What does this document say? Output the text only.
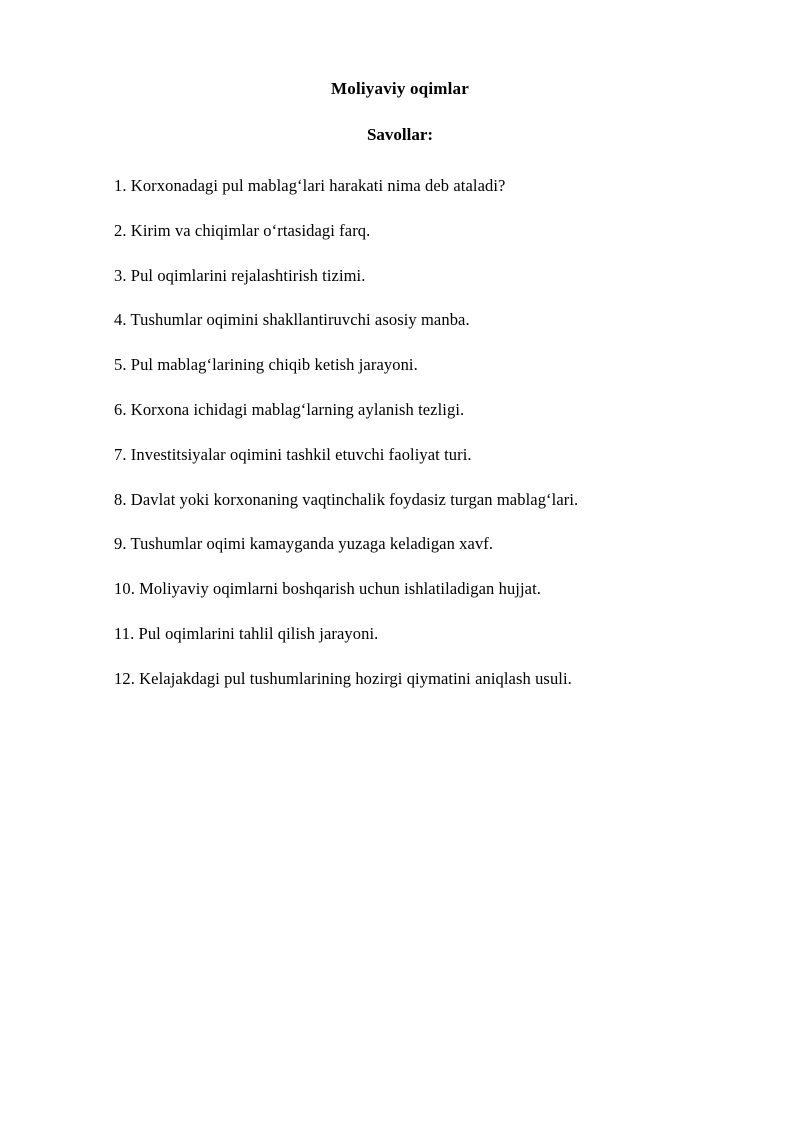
Moliyaviy oqimlar
Savollar:
1. Korxonadagi pul mablag‘lari harakati nima deb ataladi?
2. Kirim va chiqimlar o‘rtasidagi farq.
3. Pul oqimlarini rejalashtirish tizimi.
4. Tushumlar oqimini shakllantiruvchi asosiy manba.
5. Pul mablag‘larining chiqib ketish jarayoni.
6. Korxona ichidagi mablag‘larning aylanish tezligi.
7. Investitsiyalar oqimini tashkil etuvchi faoliyat turi.
8. Davlat yoki korxonaning vaqtinchalik foydasiz turgan mablag‘lari.
9. Tushumlar oqimi kamayganda yuzaga keladigan xavf.
10. Moliyaviy oqimlarni boshqarish uchun ishlatiladigan hujjat.
11. Pul oqimlarini tahlil qilish jarayoni.
12. Kelajakdagi pul tushumlarining hozirgi qiymatini aniqlash usuli.
